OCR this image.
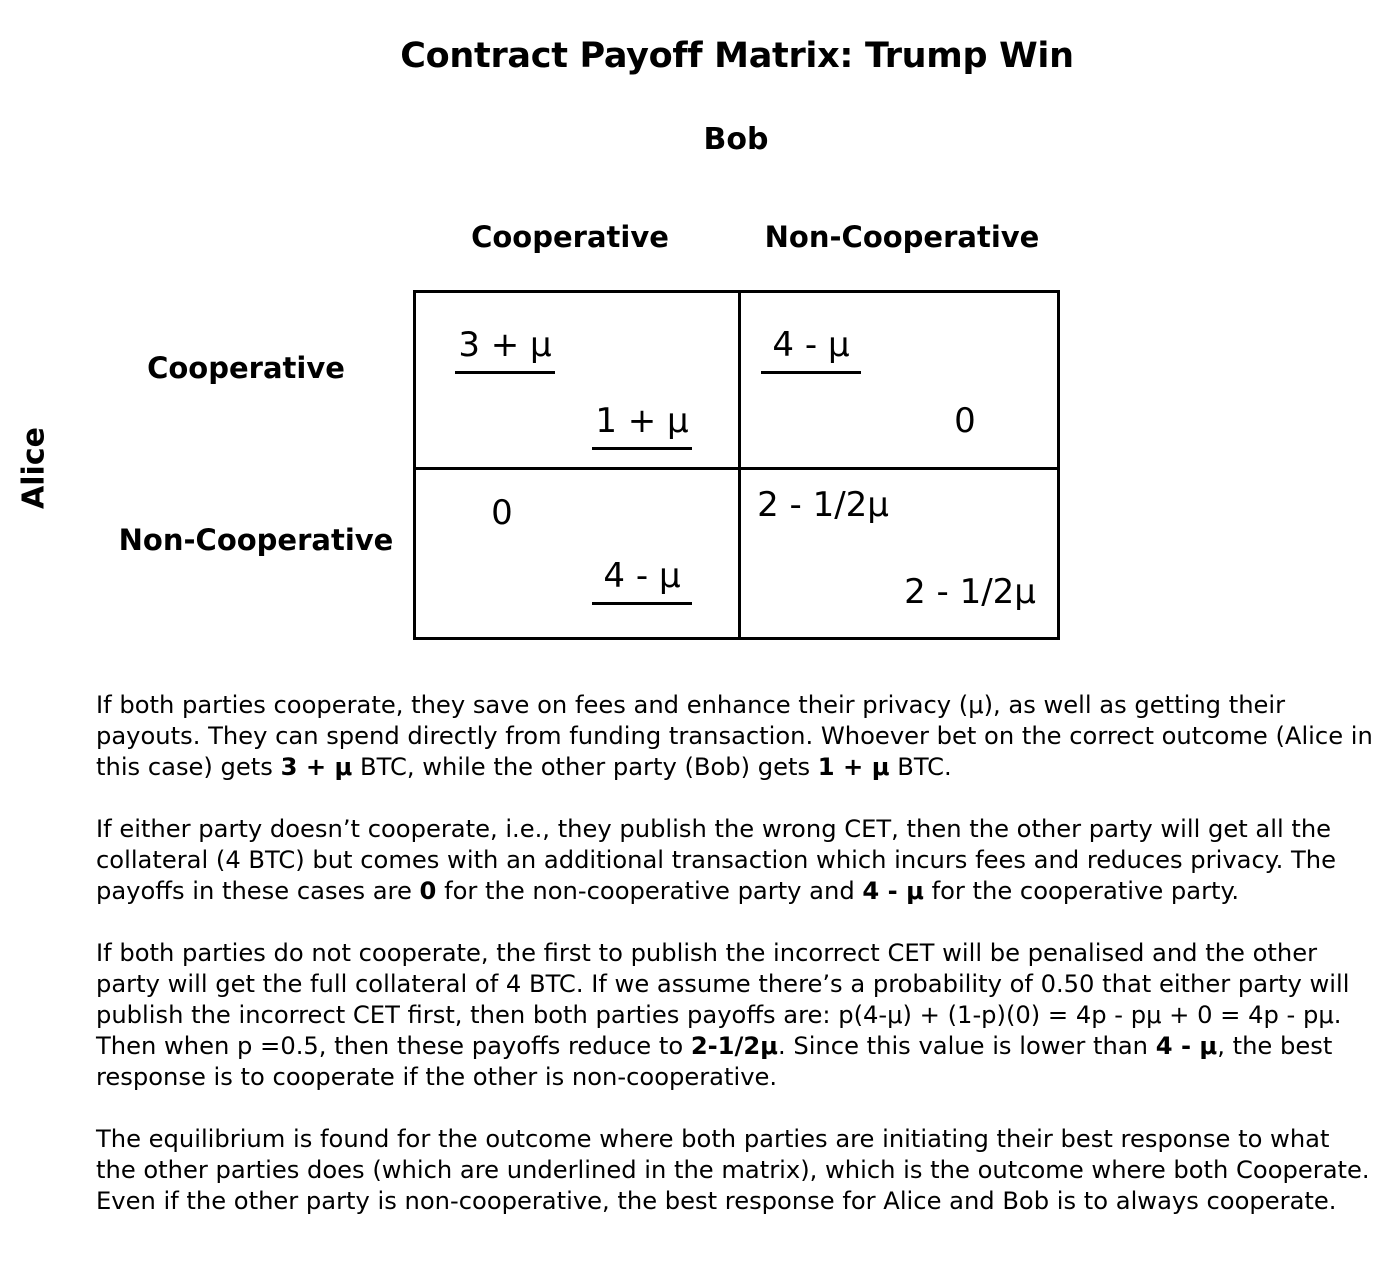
Contract Payoff Matrix: Trump Win
Bob
Cooperative	Non-Cooperative
Alice
Cooperative
Non-Cooperative
3 + μ
1 + μ
4 - μ
0
0
4 - μ
2 - 1/2μ
2 - 1/2μ

If both parties cooperate, they save on fees and enhance their privacy (μ), as well as getting their payouts. They can spend directly from funding transaction. Whoever bet on the correct outcome (Alice in this case) gets 3 + μ BTC, while the other party (Bob) gets 1 + μ BTC.

If either party doesn’t cooperate, i.e., they publish the wrong CET, then the other party will get all the collateral (4 BTC) but comes with an additional transaction which incurs fees and reduces privacy. The payoffs in these cases are 0 for the non-cooperative party and 4 - μ for the cooperative party.

If both parties do not cooperate, the first to publish the incorrect CET will be penalised and the other party will get the full collateral of 4 BTC. If we assume there’s a probability of 0.50 that either party will publish the incorrect CET first, then both parties payoffs are: p(4-μ) + (1-p)(0) = 4p - pμ + 0 = 4p - pμ. Then when p =0.5, then these payoffs reduce to 2-1/2μ. Since this value is lower than 4 - μ, the best response is to cooperate if the other is non-cooperative.

The equilibrium is found for the outcome where both parties are initiating their best response to what the other parties does (which are underlined in the matrix), which is the outcome where both Cooperate. Even if the other party is non-cooperative, the best response for Alice and Bob is to always cooperate.
